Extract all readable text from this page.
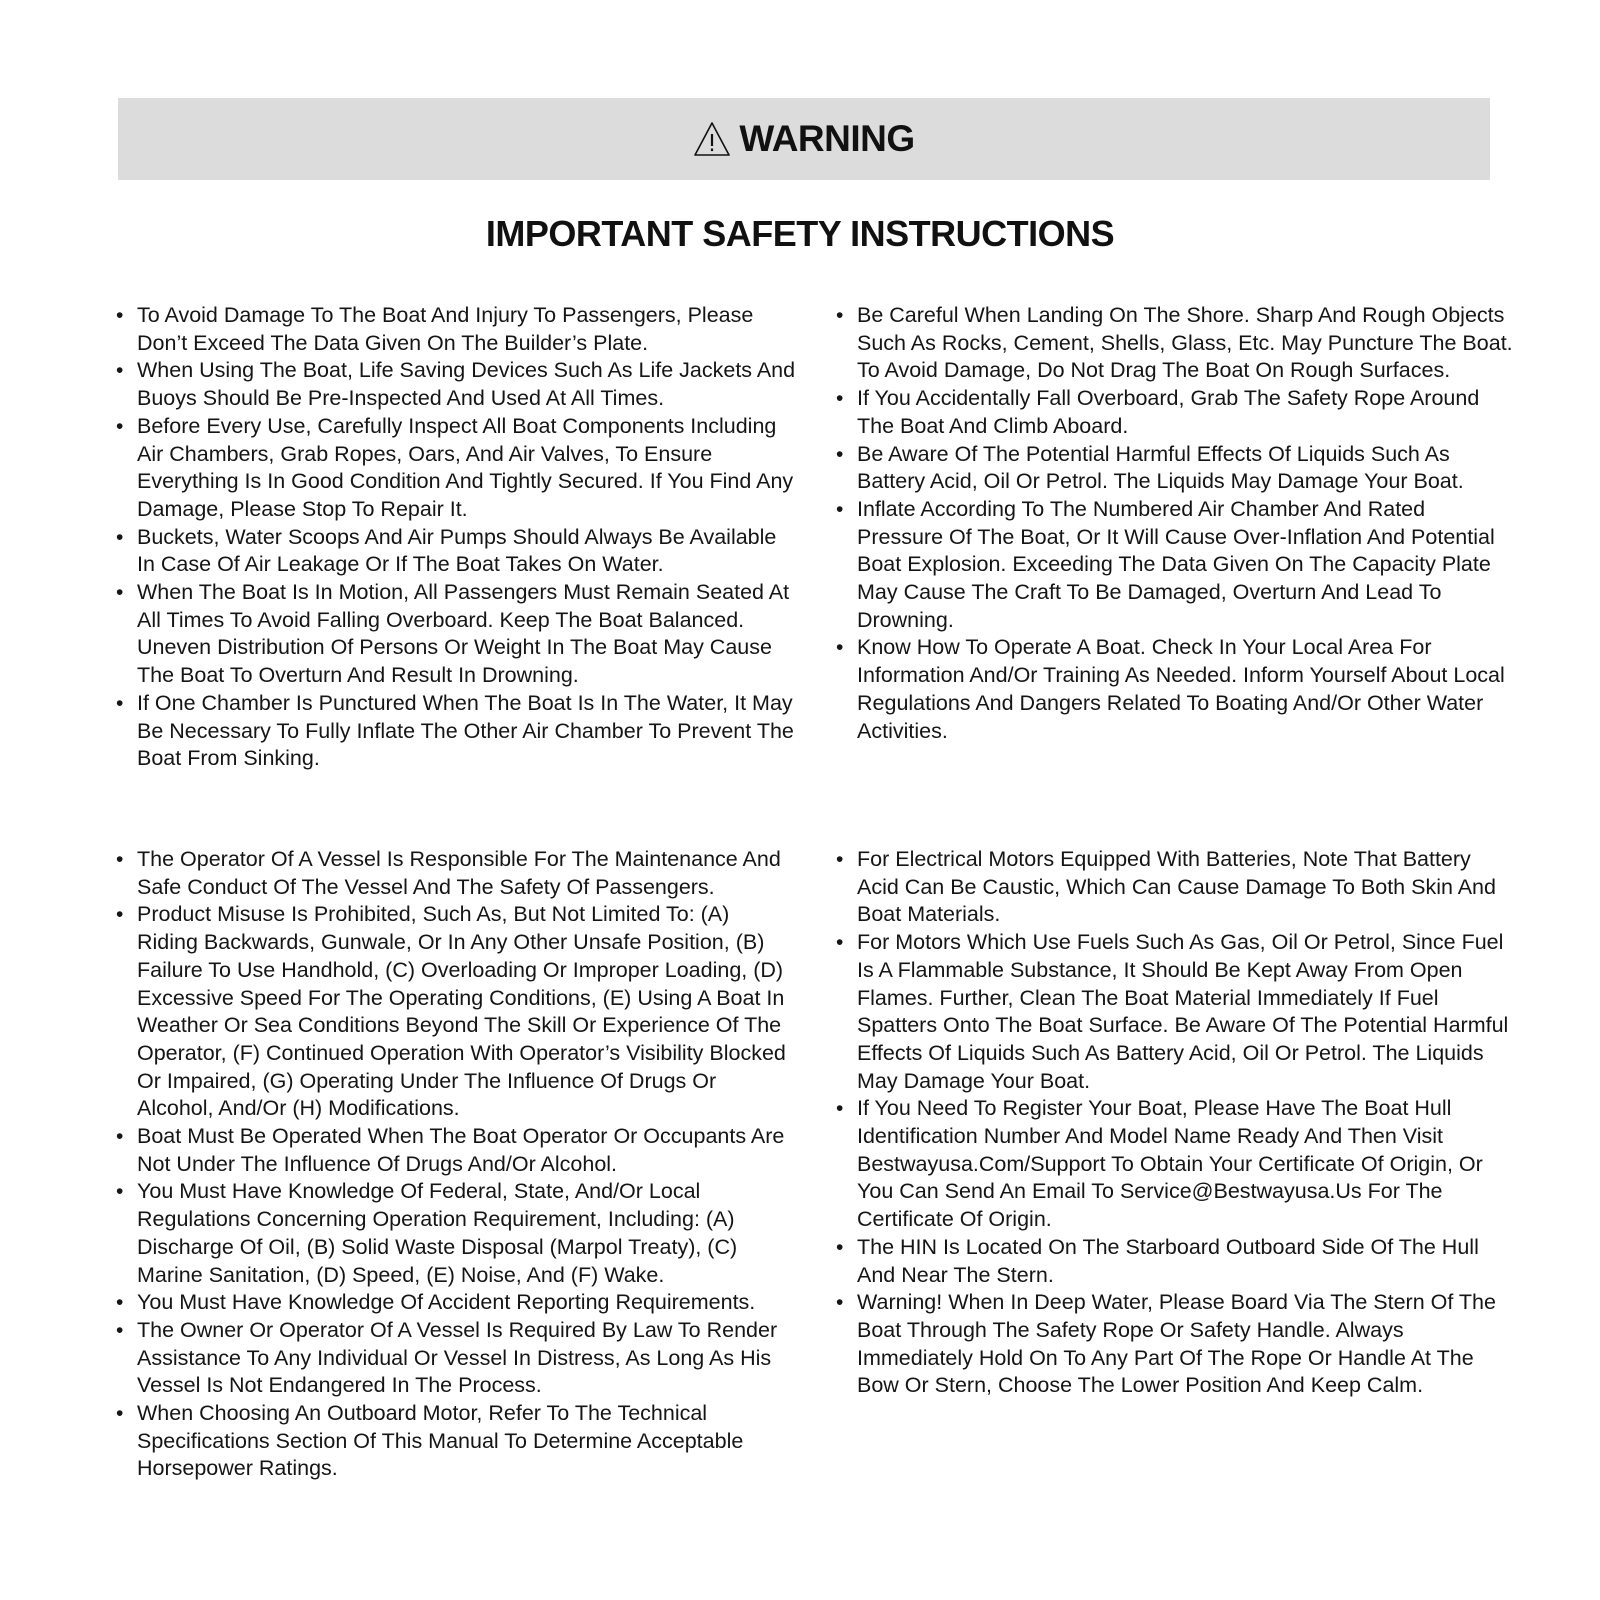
WARNING
IMPORTANT SAFETY INSTRUCTIONS
• To Avoid Damage To The Boat And Injury To Passengers, Please Don’t Exceed The Data Given On The Builder’s Plate.
• When Using The Boat, Life Saving Devices Such As Life Jackets And Buoys Should Be Pre-Inspected And Used At All Times.
• Before Every Use, Carefully Inspect All Boat Components Including Air Chambers, Grab Ropes, Oars, And Air Valves, To Ensure Everything Is In Good Condition And Tightly Secured. If You Find Any Damage, Please Stop To Repair It.
• Buckets, Water Scoops And Air Pumps Should Always Be Available In Case Of Air Leakage Or If The Boat Takes On Water.
• When The Boat Is In Motion, All Passengers Must Remain Seated At All Times To Avoid Falling Overboard. Keep The Boat Balanced. Uneven Distribution Of Persons Or Weight In The Boat May Cause The Boat To Overturn And Result In Drowning.
• If One Chamber Is Punctured When The Boat Is In The Water, It May Be Necessary To Fully Inflate The Other Air Chamber To Prevent The Boat From Sinking.
• Be Careful When Landing On The Shore. Sharp And Rough Objects Such As Rocks, Cement, Shells, Glass, Etc. May Puncture The Boat. To Avoid Damage, Do Not Drag The Boat On Rough Surfaces.
• If You Accidentally Fall Overboard, Grab The Safety Rope Around The Boat And Climb Aboard.
• Be Aware Of The Potential Harmful Effects Of Liquids Such As Battery Acid, Oil Or Petrol. The Liquids May Damage Your Boat.
• Inflate According To The Numbered Air Chamber And Rated Pressure Of The Boat, Or It Will Cause Over-Inflation And Potential Boat Explosion. Exceeding The Data Given On The Capacity Plate May Cause The Craft To Be Damaged, Overturn And Lead To Drowning.
• Know How To Operate A Boat. Check In Your Local Area For Information And/Or Training As Needed. Inform Yourself About Local Regulations And Dangers Related To Boating And/Or Other Water Activities.
• The Operator Of A Vessel Is Responsible For The Maintenance And Safe Conduct Of The Vessel And The Safety Of Passengers.
• Product Misuse Is Prohibited, Such As, But Not Limited To: (A) Riding Backwards, Gunwale, Or In Any Other Unsafe Position, (B) Failure To Use Handhold, (C) Overloading Or Improper Loading, (D) Excessive Speed For The Operating Conditions, (E) Using A Boat In Weather Or Sea Conditions Beyond The Skill Or Experience Of The Operator, (F) Continued Operation With Operator’s Visibility Blocked Or Impaired, (G) Operating Under The Influence Of Drugs Or Alcohol, And/Or (H) Modifications.
• Boat Must Be Operated When The Boat Operator Or Occupants Are Not Under The Influence Of Drugs And/Or Alcohol.
• You Must Have Knowledge Of Federal, State, And/Or Local Regulations Concerning Operation Requirement, Including: (A) Discharge Of Oil, (B) Solid Waste Disposal (Marpol Treaty), (C) Marine Sanitation, (D) Speed, (E) Noise, And (F) Wake.
• You Must Have Knowledge Of Accident Reporting Requirements.
• The Owner Or Operator Of A Vessel Is Required By Law To Render Assistance To Any Individual Or Vessel In Distress, As Long As His Vessel Is Not Endangered In The Process.
• When Choosing An Outboard Motor, Refer To The Technical Specifications Section Of This Manual To Determine Acceptable Horsepower Ratings.
• For Electrical Motors Equipped With Batteries, Note That Battery Acid Can Be Caustic, Which Can Cause Damage To Both Skin And Boat Materials.
• For Motors Which Use Fuels Such As Gas, Oil Or Petrol, Since Fuel Is A Flammable Substance, It Should Be Kept Away From Open Flames. Further, Clean The Boat Material Immediately If Fuel Spatters Onto The Boat Surface. Be Aware Of The Potential Harmful Effects Of Liquids Such As Battery Acid, Oil Or Petrol. The Liquids May Damage Your Boat.
• If You Need To Register Your Boat, Please Have The Boat Hull Identification Number And Model Name Ready And Then Visit Bestwayusa.Com/Support To Obtain Your Certificate Of Origin, Or You Can Send An Email To Service@Bestwayusa.Us For The Certificate Of Origin.
• The HIN Is Located On The Starboard Outboard Side Of The Hull And Near The Stern.
• Warning! When In Deep Water, Please Board Via The Stern Of The Boat Through The Safety Rope Or Safety Handle. Always Immediately Hold On To Any Part Of The Rope Or Handle At The Bow Or Stern, Choose The Lower Position And Keep Calm.
